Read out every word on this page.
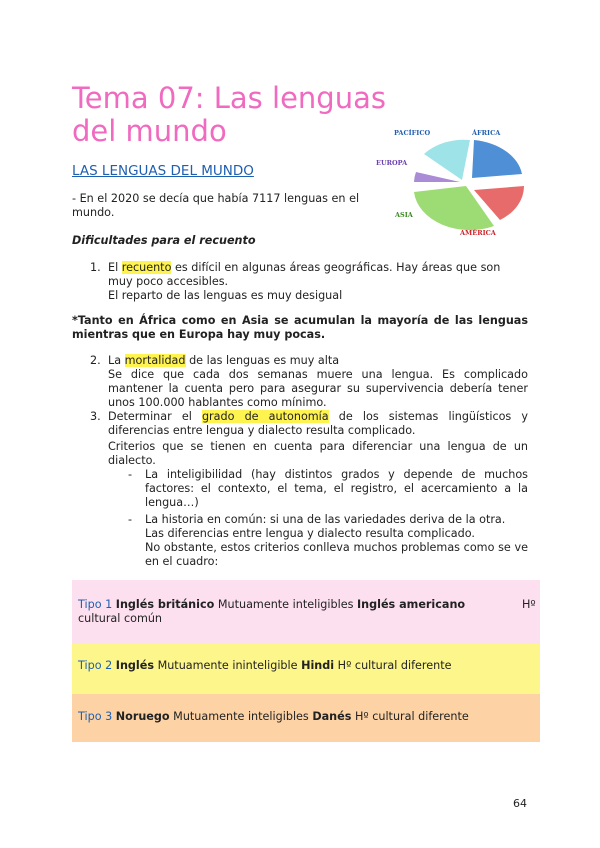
Tema 07: Las lenguas del mundo	PACÍFICO	ÁFRICA
EUROPA
ASIA
AMÉRICA
LAS LENGUAS DEL MUNDO

- En el 2020 se decía que había 7117 lenguas en el mundo.

Dificultades para el recuento

1. El recuento es difícil en algunas áreas geográficas. Hay áreas que son muy poco accesibles.
El reparto de las lenguas es muy desigual

*Tanto en África como en Asia se acumulan la mayoría de las lenguas mientras que en Europa hay muy pocas.

2. La mortalidad de las lenguas es muy alta

Se dice que cada dos semanas muere una lengua. Es complicado mantener la cuenta pero para asegurar su supervivencia debería tener unos 100.000 hablantes como mínimo.

3. Determinar el grado de autonomía de los sistemas lingüísticos y diferencias entre lengua y dialecto resulta complicado.

Criterios que se tienen en cuenta para diferenciar una lengua de un dialecto.

- La inteligibilidad (hay distintos grados y depende de muchos factores: el contexto, el tema, el registro, el acercamiento a la lengua…)

- La historia en común: si una de las variedades deriva de la otra.

Las diferencias entre lengua y dialecto resulta complicado.

No obstante, estos criterios conlleva muchos problemas como se ve en el cuadro:

Tipo 1 Inglés británico Mutuamente inteligibles Inglés americano	Hº
cultural común
Tipo 2 Inglés Mutuamente ininteligible Hindi Hº cultural diferente
Tipo 3 Noruego Mutuamente inteligibles Danés Hº cultural diferente
64
